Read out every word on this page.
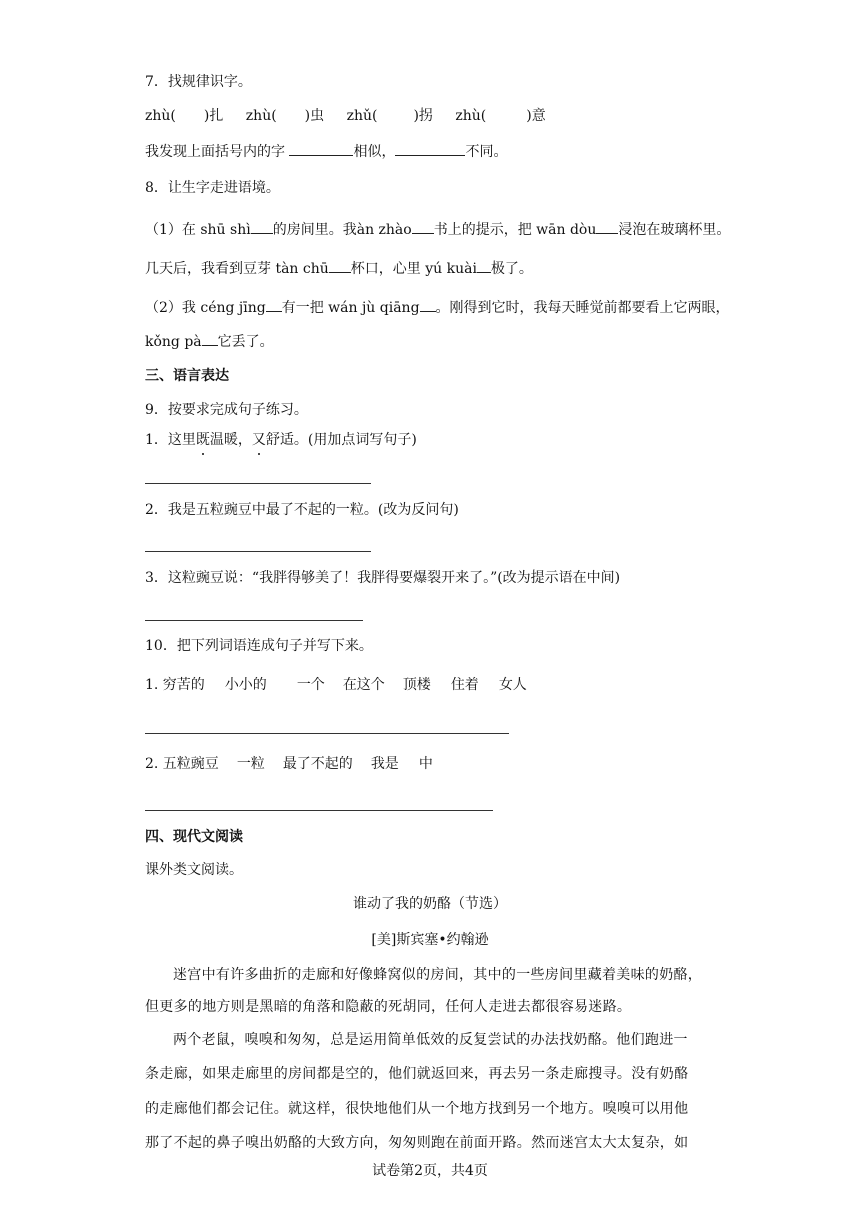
7．找规律识字。
zhù( )扎 zhù( )虫 zhǔ(	)拐 zhù(	)意
我发现上面括号内的字	相似，	不同。
8．让生字走进语境。
（1）在 shū shì 的房间里。我àn zhào 书上的提示，把 wān dòu 浸泡在玻璃杯里。
几天后，我看到豆芽 tàn chū 杯口，心里 yú kuài 极了。
（2）我 céng jīng 有一把 wán jù qiāng 。刚得到它时，我每天睡觉前都要看上它两眼，
kǒng pà 它丢了。
三、语言表达
9．按要求完成句子练习。
1．这里既温暖，又舒适。(用加点词写句子)
2．我是五粒豌豆中最了不起的一粒。(改为反问句)
3．这粒豌豆说：“我胖得够美了！我胖得要爆裂开来了。”(改为提示语在中间)
10．把下列词语连成句子并写下来。
1. 穷苦的 小小的 一个 在这个 顶楼 住着 女人
2. 五粒豌豆 一粒 最了不起的 我是 中
四、现代文阅读
课外类文阅读。
谁动了我的奶酪（节选）
[美]斯宾塞•约翰逊
迷宫中有许多曲折的走廊和好像蜂窝似的房间，其中的一些房间里藏着美味的奶酪，
但更多的地方则是黑暗的角落和隐蔽的死胡同，任何人走进去都很容易迷路。
两个老鼠，嗅嗅和匆匆，总是运用简单低效的反复尝试的办法找奶酪。他们跑进一
条走廊，如果走廊里的房间都是空的，他们就返回来，再去另一条走廊搜寻。没有奶酪
的走廊他们都会记住。就这样，很快地他们从一个地方找到另一个地方。嗅嗅可以用他
那了不起的鼻子嗅出奶酪的大致方向，匆匆则跑在前面开路。然而迷宫太大太复杂，如
试卷第2页，共4页
